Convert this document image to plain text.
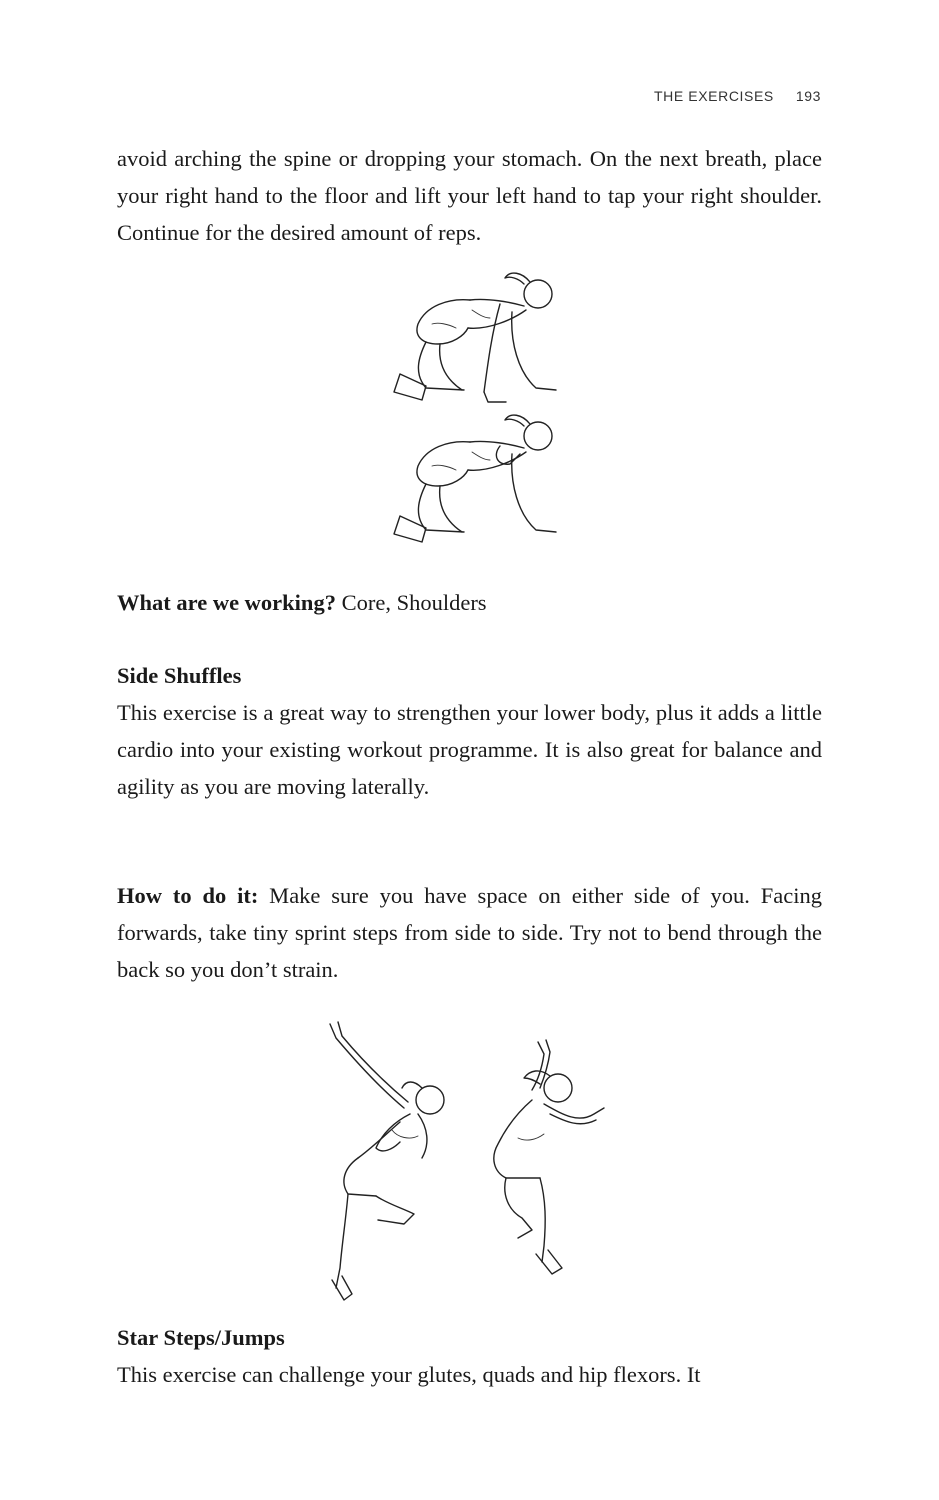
THE EXERCISES 193

avoid arching the spine or dropping your stomach. On the next breath, place your right hand to the floor and lift your left hand to tap your right shoulder. Continue for the desired amount of reps.

What are we working? Core, Shoulders

Side Shuffles

This exercise is a great way to strengthen your lower body, plus it adds a little cardio into your existing workout programme. It is also great for balance and agility as you are moving laterally.

How to do it: Make sure you have space on either side of you. Facing forwards, take tiny sprint steps from side to side. Try not to bend through the back so you don’t strain.

Star Steps/Jumps

This exercise can challenge your glutes, quads and hip flexors. It
